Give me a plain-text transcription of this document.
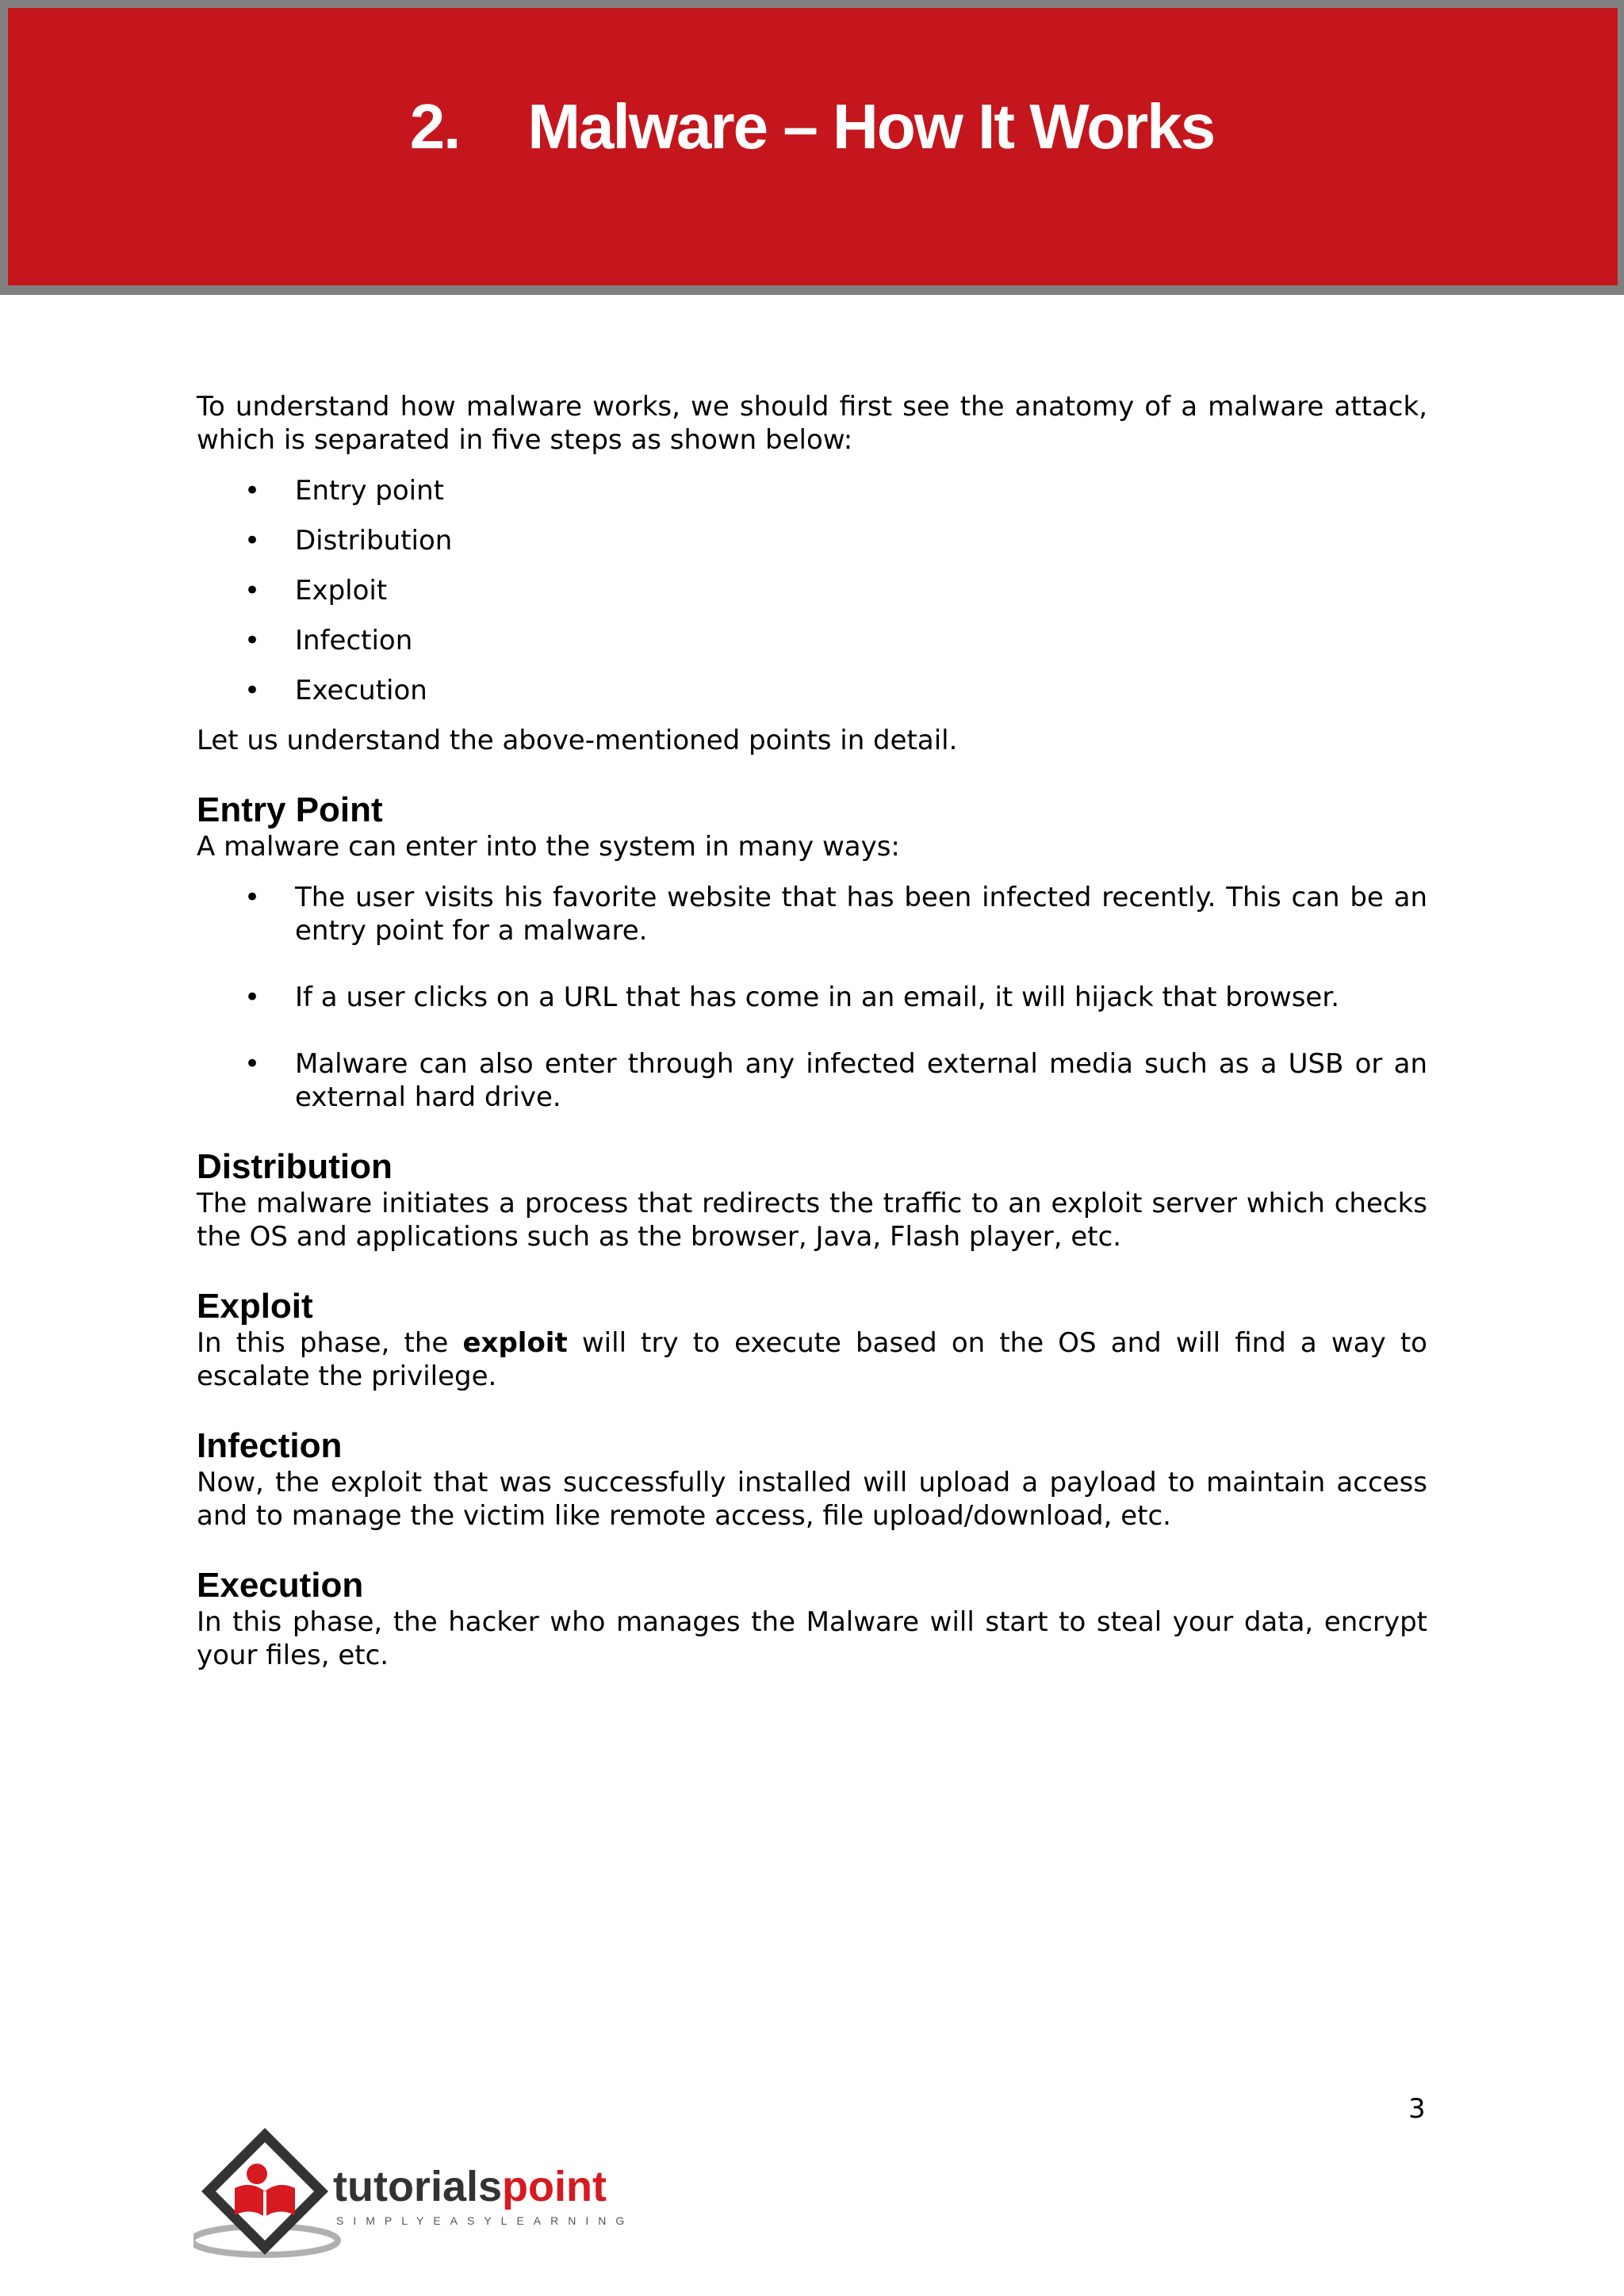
2. Malware – How It Works

To understand how malware works, we should first see the anatomy of a malware attack, which is separated in five steps as shown below:

• Entry point
• Distribution
• Exploit
• Infection
• Execution

Let us understand the above-mentioned points in detail.

Entry Point

A malware can enter into the system in many ways:

• The user visits his favorite website that has been infected recently. This can be an entry point for a malware.
• If a user clicks on a URL that has come in an email, it will hijack that browser.
• Malware can also enter through any infected external media such as a USB or an external hard drive.
Distribution

The malware initiates a process that redirects the traffic to an exploit server which checks the OS and applications such as the browser, Java, Flash player, etc.

Exploit

In this phase, the exploit will try to execute based on the OS and will find a way to escalate the privilege.

Infection

Now, the exploit that was successfully installed will upload a payload to maintain access and to manage the victim like remote access, file upload/download, etc.

Execution

In this phase, the hacker who manages the Malware will start to steal your data, encrypt your files, etc.

3
tutorialspoint
SIMPLYEASYLEARNING
